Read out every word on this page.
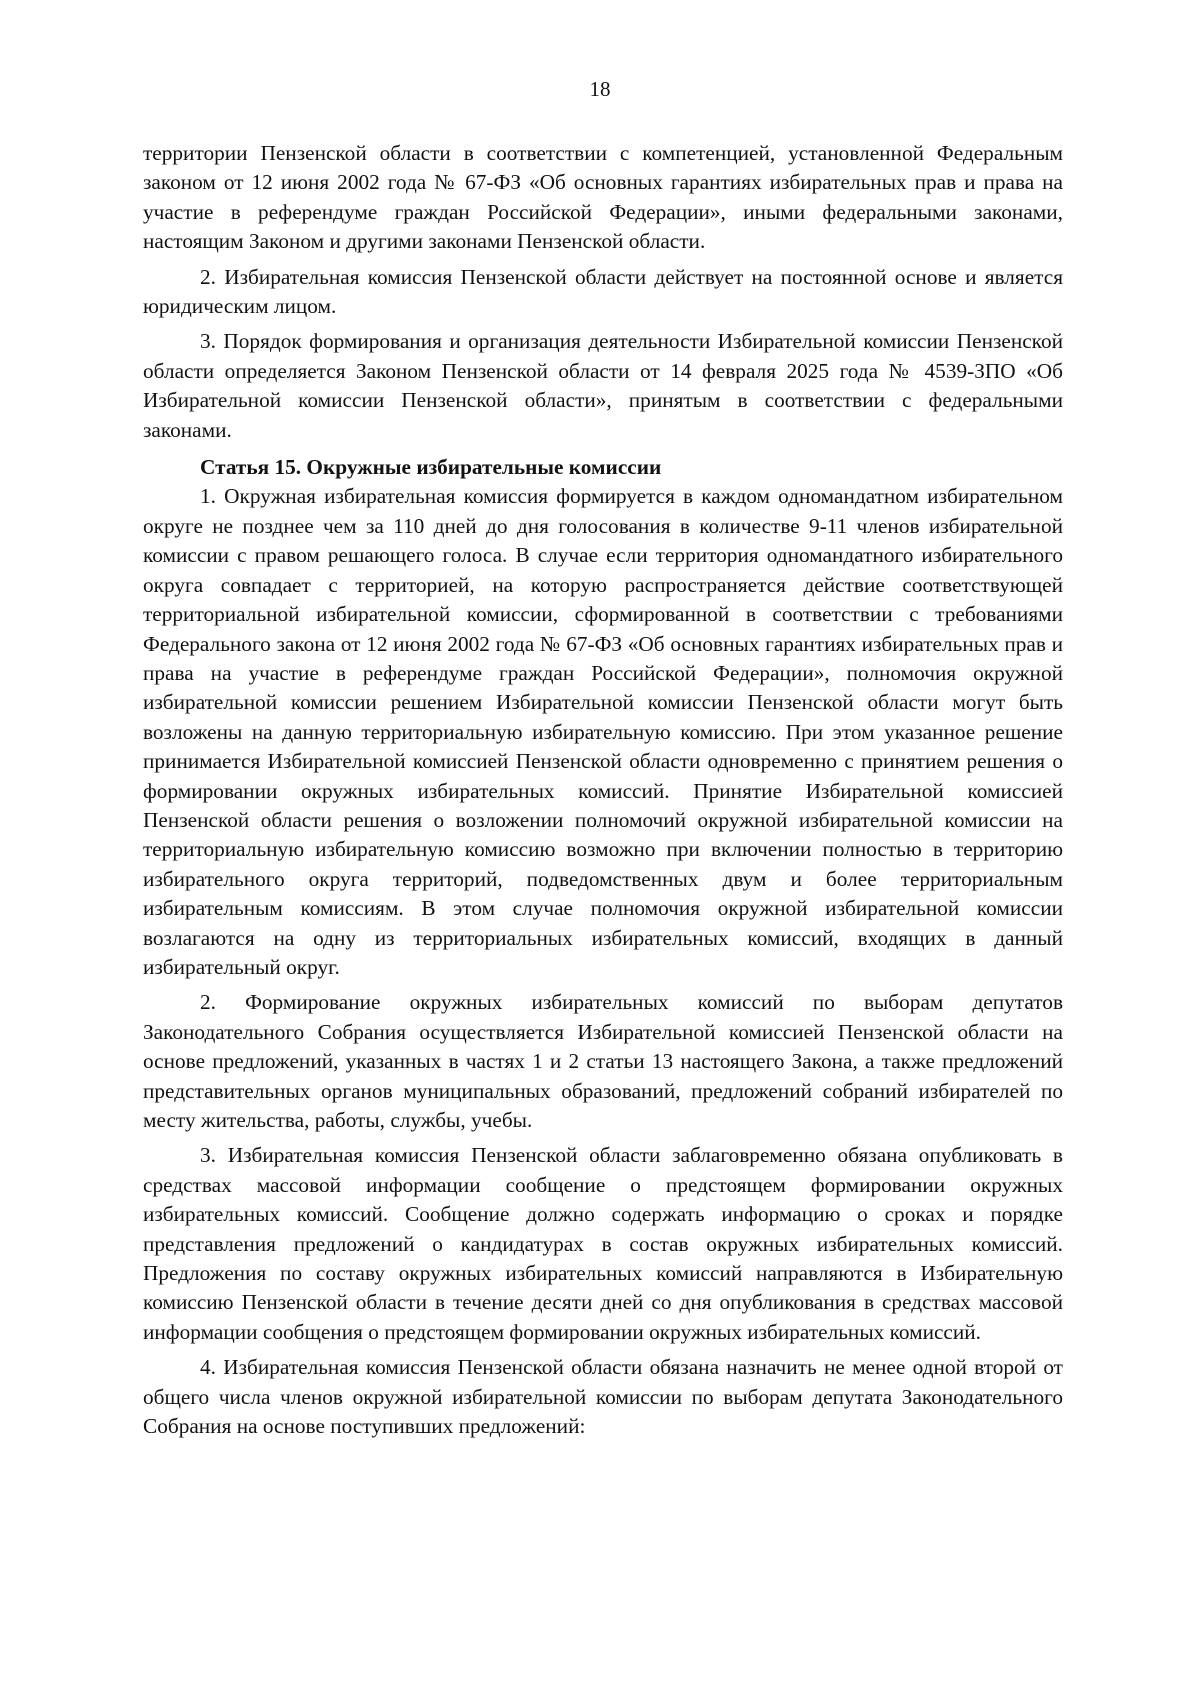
18

территории Пензенской области в соответствии с компетенцией, установленной Федеральным законом от 12 июня 2002 года № 67-ФЗ «Об основных гарантиях избирательных прав и права на участие в референдуме граждан Российской Федерации», иными федеральными законами, настоящим Законом и другими законами Пензенской области.

2. Избирательная комиссия Пензенской области действует на постоянной основе и является юридическим лицом.

3. Порядок формирования и организация деятельности Избирательной комиссии Пензенской области определяется Законом Пензенской области от 14 февраля 2025 года № 4539-ЗПО «Об Избирательной комиссии Пензенской области», принятым в соответствии с федеральными законами.

Статья 15. Окружные избирательные комиссии

1. Окружная избирательная комиссия формируется в каждом одномандатном избирательном округе не позднее чем за 110 дней до дня голосования в количестве 9-11 членов избирательной комиссии с правом решающего голоса. В случае если территория одномандатного избирательного округа совпадает с территорией, на которую распространяется действие соответствующей территориальной избирательной комиссии, сформированной в соответствии с требованиями Федерального закона от 12 июня 2002 года № 67-ФЗ «Об основных гарантиях избирательных прав и права на участие в референдуме граждан Российской Федерации», полномочия окружной избирательной комиссии решением Избирательной комиссии Пензенской области могут быть возложены на данную территориальную избирательную комиссию. При этом указанное решение принимается Избирательной комиссией Пензенской области одновременно с принятием решения о формировании окружных избирательных комиссий. Принятие Избирательной комиссией Пензенской области решения о возложении полномочий окружной избирательной комиссии на территориальную избирательную комиссию возможно при включении полностью в территорию избирательного округа территорий, подведомственных двум и более территориальным избирательным комиссиям. В этом случае полномочия окружной избирательной комиссии возлагаются на одну из территориальных избирательных комиссий, входящих в данный избирательный округ.

2. Формирование окружных избирательных комиссий по выборам депутатов Законодательного Собрания осуществляется Избирательной комиссией Пензенской области на основе предложений, указанных в частях 1 и 2 статьи 13 настоящего Закона, а также предложений представительных органов муниципальных образований, предложений собраний избирателей по месту жительства, работы, службы, учебы.

3. Избирательная комиссия Пензенской области заблаговременно обязана опубликовать в средствах массовой информации сообщение о предстоящем формировании окружных избирательных комиссий. Сообщение должно содержать информацию о сроках и порядке представления предложений о кандидатурах в состав окружных избирательных комиссий. Предложения по составу окружных избирательных комиссий направляются в Избирательную комиссию Пензенской области в течение десяти дней со дня опубликования в средствах массовой информации сообщения о предстоящем формировании окружных избирательных комиссий.

4. Избирательная комиссия Пензенской области обязана назначить не менее одной второй от общего числа членов окружной избирательной комиссии по выборам депутата Законодательного Собрания на основе поступивших предложений:
